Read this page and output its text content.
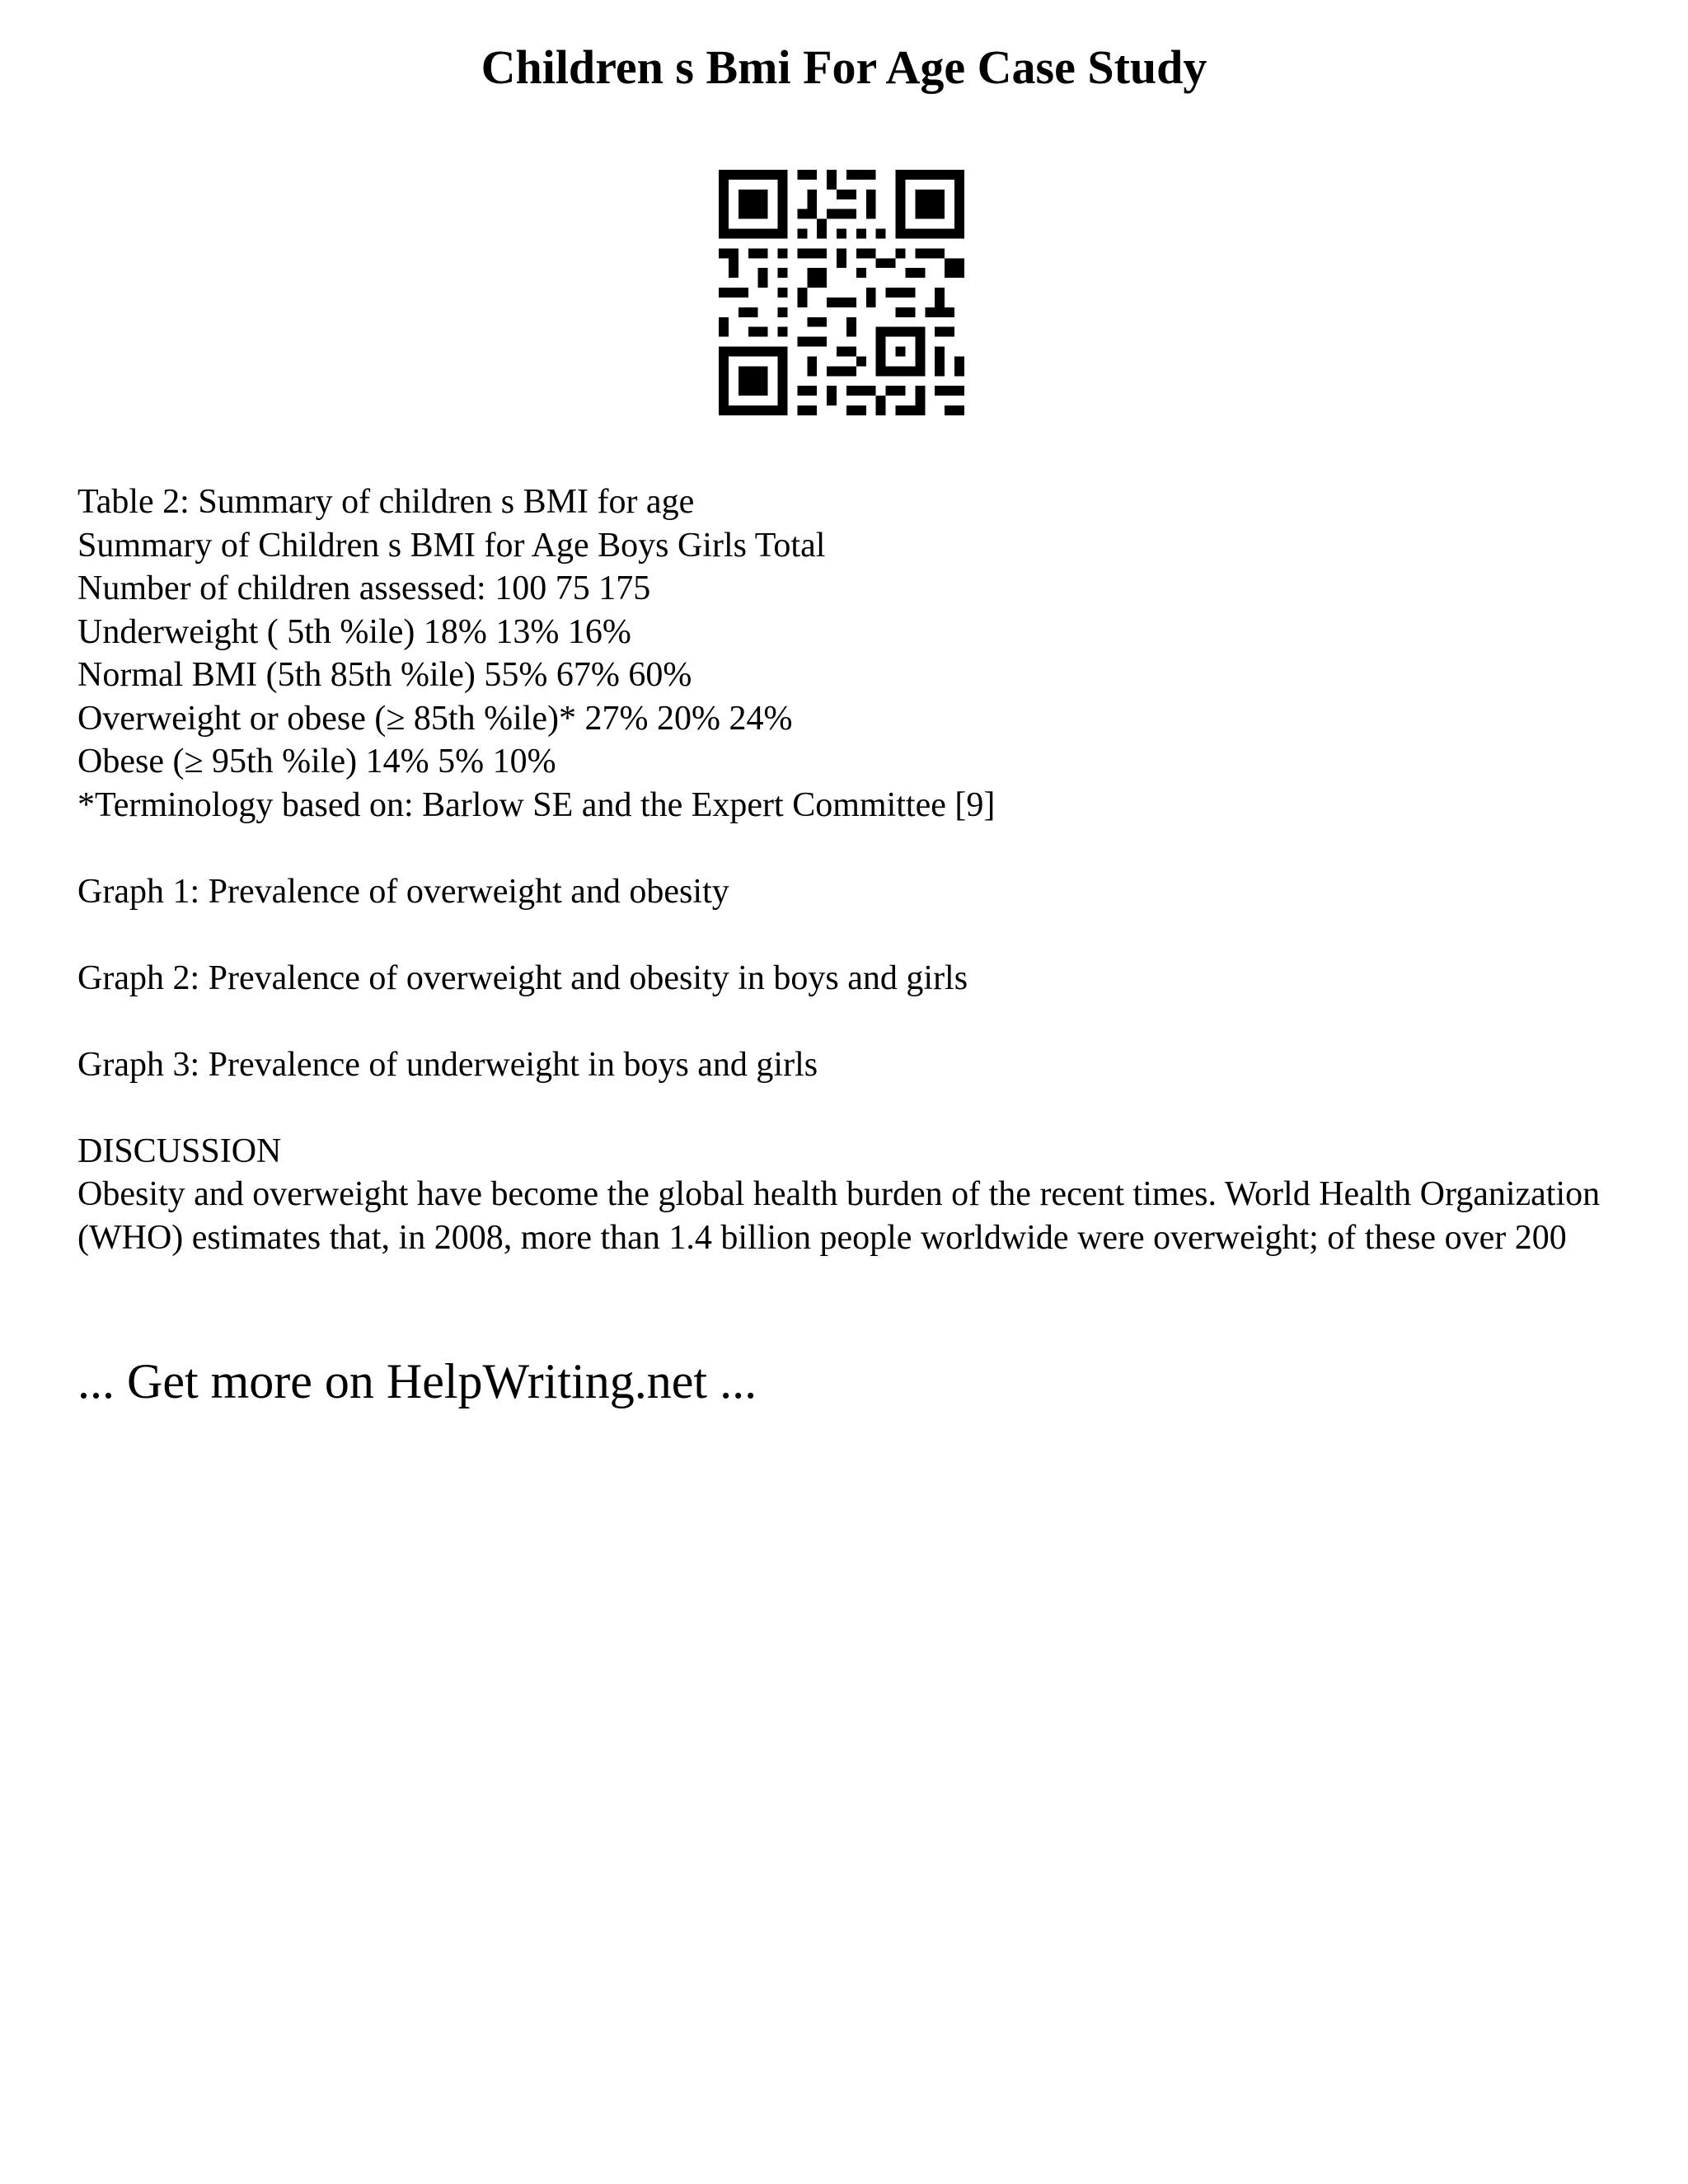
Children s Bmi For Age Case Study
Table 2: Summary of children s BMI for age
Summary of Children s BMI for Age Boys Girls Total
Number of children assessed: 100 75 175
Underweight ( 5th %ile) 18% 13% 16%
Normal BMI (5th 85th %ile) 55% 67% 60%
Overweight or obese (≥ 85th %ile)* 27% 20% 24%
Obese (≥ 95th %ile) 14% 5% 10%
*Terminology based on: Barlow SE and the Expert Committee [9]
Graph 1: Prevalence of overweight and obesity
Graph 2: Prevalence of overweight and obesity in boys and girls
Graph 3: Prevalence of underweight in boys and girls
DISCUSSION
Obesity and overweight have become the global health burden of the recent times. World Health Organization (WHO) estimates that, in 2008, more than 1.4 billion people worldwide were overweight; of these over 200
... Get more on HelpWriting.net ...
